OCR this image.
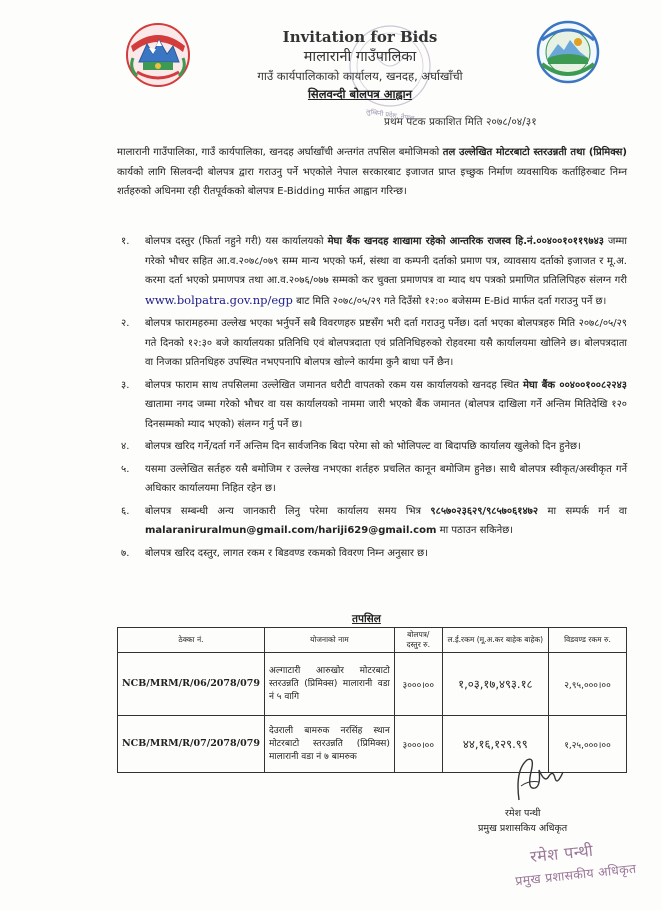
Invitation for Bids
मालारानी गाउँपालिका
गाउँ कार्यपालिकाको कार्यालय, खनदह, अर्घाखाँची
सिलवन्दी बोलपत्र आह्वान
लुम्बिनी प्रदेश, नेपाल
प्रथम पटक प्रकाशित मिति २०७८/०४/३१
मालारानी गाउँपालिका, गाउँ कार्यपालिका, खनदह अर्घाखाँची अन्तगंत तपसिल बमोजिमको तल उल्लेखित मोटरबाटो स्तरउन्नती तथा (प्रिमिक्स) कार्यको लागि सिलवन्दी बोलपत्र द्वारा गराउनु पर्ने भएकोले नेपाल सरकारबाट इजाजत प्राप्त इच्छुक निर्माण व्यवसायिक कर्ताहिरुबाट निम्न शर्तहरुको अधिनमा रही रीतपूर्वकको बोलपत्र E-Bidding मार्फत आह्वान गरिन्छ।
१. बोलपत्र दस्तुर (फिर्ता नहुने गरी) यस कार्यालयको मेघा बैंक खनदह शाखामा रहेको आन्तरिक राजस्व हि.नं.००४००१०११९७४३ जम्मा गरेको भौचर सहित आ.व.२०७८/०७९ सम्म मान्य भएको फर्म, संस्था वा कम्पनी दर्ताको प्रमाण पत्र, व्यावसाय दर्ताको इजाजत र मू.अ. करमा दर्ता भएको प्रमाणपत्र तथा आ.व.२०७६/०७७ सम्मको कर चुक्ता प्रमाणपत्र वा म्याद थप पत्रको प्रमाणित प्रतिलिपिहरु संलग्न गरी www.bolpatra.gov.np/egp बाट मिति २०७८/०५/२९ गते दिउँसो १२:०० बजेसम्म E-Bid मार्फत दर्ता गराउनु पर्ने छ।
२. बोलपत्र फारामहरुमा उल्लेख भएका भर्नुपर्ने सबै विवरणहरु प्रष्टसँग भरी दर्ता गराउनु पर्नेछ। दर्ता भएका बोलपत्रहरु मिति २०७८/०५/२९ गते दिनको १२:३० बजे कार्यालयका प्रतिनिधि एवं बोलपत्रदाता एवं प्रतिनिधिहरुको रोहवरमा यसै कार्यालयमा खोलिने छ। बोलपत्रदाता वा निजका प्रतिनधिहरु उपस्थित नभएपनापि बोलपत्र खोल्ने कार्यमा कुनै बाधा पर्ने छैन।
३. बोलपत्र फाराम साथ तपसिलमा उल्लेखित जमानत धरौटी वापतको रकम यस कार्यालयको खनदह स्थित मेघा बैंक ००४००१००८२२४३ खातामा नगद जम्मा गरेको भौचर वा यस कार्यालयको नाममा जारी भएको बैंक जमानत (बोलपत्र दाखिला गर्ने अन्तिम मितिदेखि १२० दिनसम्मको म्याद भएको) संलग्न गर्नु पर्ने छ।
४. बोलपत्र खरिद गर्ने/दर्ता गर्ने अन्तिम दिन सार्वजनिक बिदा परेमा सो को भोलिपल्ट वा बिदापछि कार्यालय खुलेको दिन हुनेछ।
५. यसमा उल्लेखित सर्तहरु यसै बमोजिम र उल्लेख नभएका शर्तहरु प्रचलित कानून बमोजिम हुनेछ। साथै बोलपत्र स्वीकृत/अस्वीकृत गर्ने अधिकार कार्यालयमा निहित रहेन छ।
६. बोलपत्र सम्बन्धी अन्य जानकारी लिनु परेमा कार्यालय समय भित्र ९८५७०२३६२९/९८५७०६१४७२ मा सम्पर्क गर्न वा malaraniruralmun@gmail.com/hariji629@gmail.com मा पठाउन सकिनेछ।
७. बोलपत्र खरिद दस्तुर, लागत रकम र बिडवण्ड रकमको विवरण निम्न अनुसार छ।
तपसिल
ठेक्का नं.	योजनाको नाम	बोलपत्र/ दस्तुर रु.	ल.ई.रकम (मू.अ.कर बाहेक बाहेक)	विडवण्ड रकम रु.
NCB/MRM/R/06/2078/079	अल्गाटारी आरुखोर मोटरबाटो स्तरउन्नति (प्रिमिक्स) मालारानी वडा नं ५ वागि	३०००।००	१,०३,१७,४९३.१८	२,९५,०००।००
NCB/MRM/R/07/2078/079	देउराली बामरुक नरसिंह स्थान मोटरबाटो स्तरउन्नति (प्रिमिक्स) मालारानी वडा नं ७ बामरुक	३०००।००	४४,१६,१२९.९९	१,२५,०००।००
रमेश पन्थी
प्रमुख प्रशासकिय अधिकृत
रमेश पन्थी
प्रमुख प्रशासकीय अधिकृत
